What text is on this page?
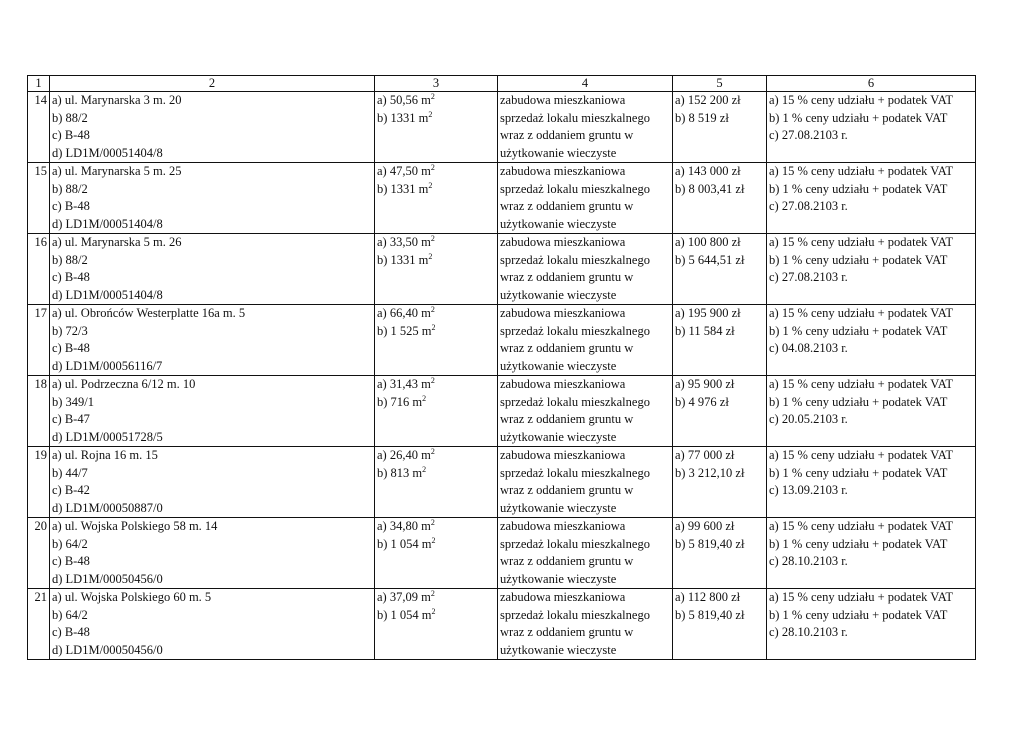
1	2	3	4	5	6
14	a) ul. Marynarska 3 m. 20
b) 88/2
c) B-48
d) LD1M/00051404/8	a) 50,56 $m^2$
b) 1331 $m^2$	zabudowa mieszkaniowa
sprzedaż lokalu mieszkalnego
wraz z oddaniem gruntu w
użytkowanie wieczyste	a) 152 200 zł
b) 8 519 zł	a) 15 % ceny udziału + podatek VAT
b) 1 % ceny udziału + podatek VAT
c) 27.08.2103 r.

15	a) ul. Marynarska 5 m. 25
b) 88/2
c) B-48
d) LD1M/00051404/8	a) 47,50 $m^2$
b) 1331 $m^2$	zabudowa mieszkaniowa
sprzedaż lokalu mieszkalnego
wraz z oddaniem gruntu w
użytkowanie wieczyste	a) 143 000 zł
b) 8 003,41 zł	a) 15 % ceny udziału + podatek VAT
b) 1 % ceny udziału + podatek VAT
c) 27.08.2103 r.

16	a) ul. Marynarska 5 m. 26
b) 88/2
c) B-48
d) LD1M/00051404/8	a) 33,50 $m^2$
b) 1331 $m^2$	zabudowa mieszkaniowa
sprzedaż lokalu mieszkalnego
wraz z oddaniem gruntu w
użytkowanie wieczyste	a) 100 800 zł
b) 5 644,51 zł	a) 15 % ceny udziału + podatek VAT
b) 1 % ceny udziału + podatek VAT
c) 27.08.2103 r.

17	a) ul. Obrońców Westerplatte 16a m. 5
b) 72/3
c) B-48
d) LD1M/00056116/7	a) 66,40 $m^2$
b) 1 525 $m^2$	zabudowa mieszkaniowa
sprzedaż lokalu mieszkalnego
wraz z oddaniem gruntu w
użytkowanie wieczyste	a) 195 900 zł
b) 11 584 zł	a) 15 % ceny udziału + podatek VAT
b) 1 % ceny udziału + podatek VAT
c) 04.08.2103 r.

18	a) ul. Podrzeczna 6/12 m. 10
b) 349/1
c) B-47
d) LD1M/00051728/5	a) 31,43 $m^2$
b) 716 $m^2$	zabudowa mieszkaniowa
sprzedaż lokalu mieszkalnego
wraz z oddaniem gruntu w
użytkowanie wieczyste	a) 95 900 zł
b) 4 976 zł	a) 15 % ceny udziału + podatek VAT
b) 1 % ceny udziału + podatek VAT
c) 20.05.2103 r.

19	a) ul. Rojna 16 m. 15
b) 44/7
c) B-42
d) LD1M/00050887/0	a) 26,40 $m^2$
b) 813 $m^2$	zabudowa mieszkaniowa
sprzedaż lokalu mieszkalnego
wraz z oddaniem gruntu w
użytkowanie wieczyste	a) 77 000 zł
b) 3 212,10 zł	a) 15 % ceny udziału + podatek VAT
b) 1 % ceny udziału + podatek VAT
c) 13.09.2103 r.

20	a) ul. Wojska Polskiego 58 m. 14
b) 64/2
c) B-48
d) LD1M/00050456/0	a) 34,80 $m^2$
b) 1 054 $m^2$	zabudowa mieszkaniowa
sprzedaż lokalu mieszkalnego
wraz z oddaniem gruntu w
użytkowanie wieczyste	a) 99 600 zł
b) 5 819,40 zł	a) 15 % ceny udziału + podatek VAT
b) 1 % ceny udziału + podatek VAT
c) 28.10.2103 r.

21	a) ul. Wojska Polskiego 60 m. 5
b) 64/2
c) B-48
d) LD1M/00050456/0	a) 37,09 $m^2$
b) 1 054 $m^2$	zabudowa mieszkaniowa
sprzedaż lokalu mieszkalnego
wraz z oddaniem gruntu w
użytkowanie wieczyste	a) 112 800 zł
b) 5 819,40 zł	a) 15 % ceny udziału + podatek VAT
b) 1 % ceny udziału + podatek VAT
c) 28.10.2103 r.
